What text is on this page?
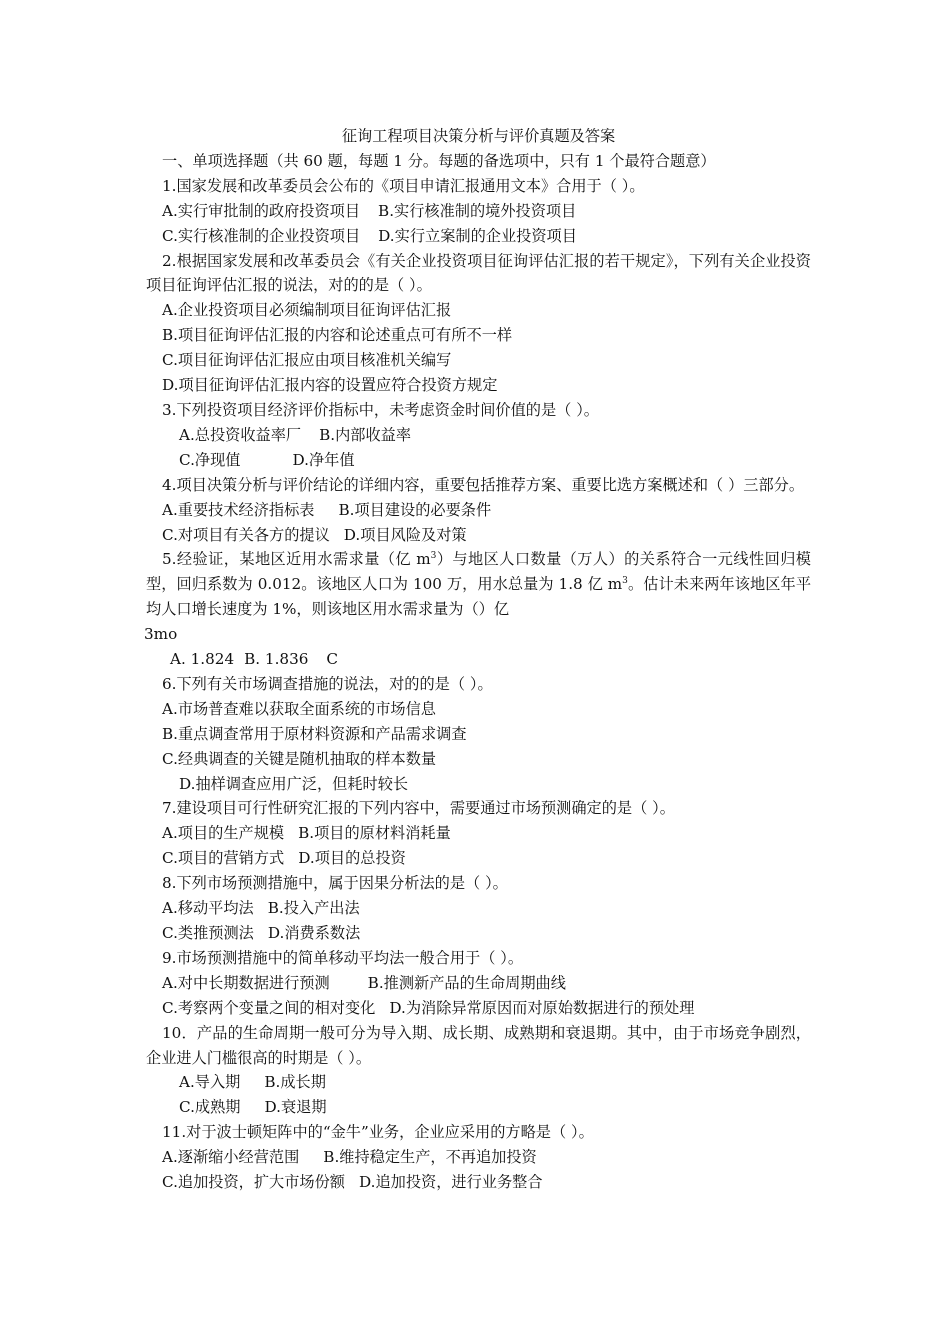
征询工程项目决策分析与评价真题及答案

一、单项选择题（共 60 题，每题 1 分。每题的备选项中，只有 1 个最符合题意）

1.国家发展和改革委员会公布的《项目申请汇报通用文本》合用于（ ）。

A.实行审批制的政府投资项目 B.实行核准制的境外投资项目

C.实行核准制的企业投资项目 D.实行立案制的企业投资项目

2.根据国家发展和改革委员会《有关企业投资项目征询评估汇报的若干规定》，下列有关企业投资项目征询评估汇报的说法，对的的是（ ）。

A.企业投资项目必须编制项目征询评估汇报

B.项目征询评估汇报的内容和论述重点可有所不一样

C.项目征询评估汇报应由项目核准机关编写

D.项目征询评估汇报内容的设置应符合投资方规定

3.下列投资项目经济评价指标中，未考虑资金时间价值的是（ ）。

A.总投资收益率厂 B.内部收益率

C.净现值	D.净年值

4.项目决策分析与评价结论的详细内容，重要包括推荐方案、重要比选方案概述和（ ）三部分。

A.重要技术经济指标表 B.项目建设的必要条件

C.对项目有关各方的提议 D.项目风险及对策

5.经验证，某地区近用水需求量（亿 $m^3$）与地区人口数量（万人）的关系符合一元线性回归模型，回归系数为 0.012。该地区人口为 100 万，用水总量为 1.8 亿 $m^3$。估计未来两年该地区年平均人口增长速度为 1%，则该地区用水需求量为（）亿

3mo

A. 1.824 B. 1.836 C

6.下列有关市场调查措施的说法，对的的是（ ）。

A.市场普查难以获取全面系统的市场信息

B.重点调查常用于原材料资源和产品需求调查

C.经典调查的关键是随机抽取的样本数量

D.抽样调查应用广泛，但耗时较长

7.建设项目可行性研究汇报的下列内容中，需要通过市场预测确定的是（ ）。

A.项目的生产规模 B.项目的原材料消耗量

C.项目的营销方式 D.项目的总投资

8.下列市场预测措施中，属于因果分析法的是（ ）。

A.移动平均法 B.投入产出法

C.类推预测法 D.消费系数法

9.市场预测措施中的简单移动平均法一般合用于（ ）。

A.对中长期数据进行预测	B.推测新产品的生命周期曲线

C.考察两个变量之间的相对变化 D.为消除异常原因而对原始数据进行的预处理

10．产品的生命周期一般可分为导入期、成长期、成熟期和衰退期。其中，由于市场竞争剧烈，企业进人门槛很高的时期是（ ）。

A.导入期 B.成长期

C.成熟期 D.衰退期

11.对于波士顿矩阵中的“金牛”业务，企业应采用的方略是（ ）。

A.逐渐缩小经营范围 B.维持稳定生产，不再追加投资

C.追加投资，扩大市场份额 D.追加投资，进行业务整合
